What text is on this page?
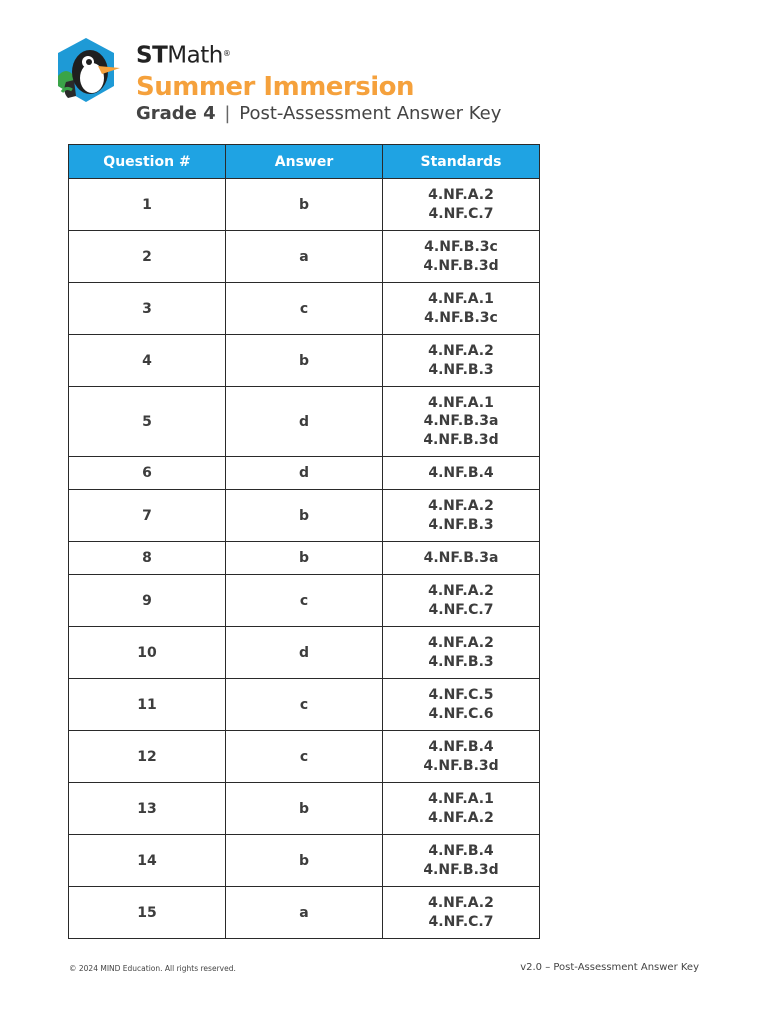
STMath®
Summer Immersion
Grade 4 | Post-Assessment Answer Key
Question #	Answer	Standards
1	b	4.NF.A.2
4.NF.C.7

2	a	4.NF.B.3c
4.NF.B.3d

3	c	4.NF.A.1
4.NF.B.3c

4	b	4.NF.A.2
4.NF.B.3

5	d	4.NF.A.1
4.NF.B.3a
4.NF.B.3d

6	d	4.NF.B.4

7	b	4.NF.A.2
4.NF.B.3

8	b	4.NF.B.3a

9	c	4.NF.A.2
4.NF.C.7

10	d	4.NF.A.2
4.NF.B.3

11	c	4.NF.C.5
4.NF.C.6

12	c	4.NF.B.4
4.NF.B.3d

13	b	4.NF.A.1
4.NF.A.2

14	b	4.NF.B.4
4.NF.B.3d

15	a	4.NF.A.2
4.NF.C.7
© 2024 MIND Education. All rights reserved.	v2.0 – Post-Assessment Answer Key
